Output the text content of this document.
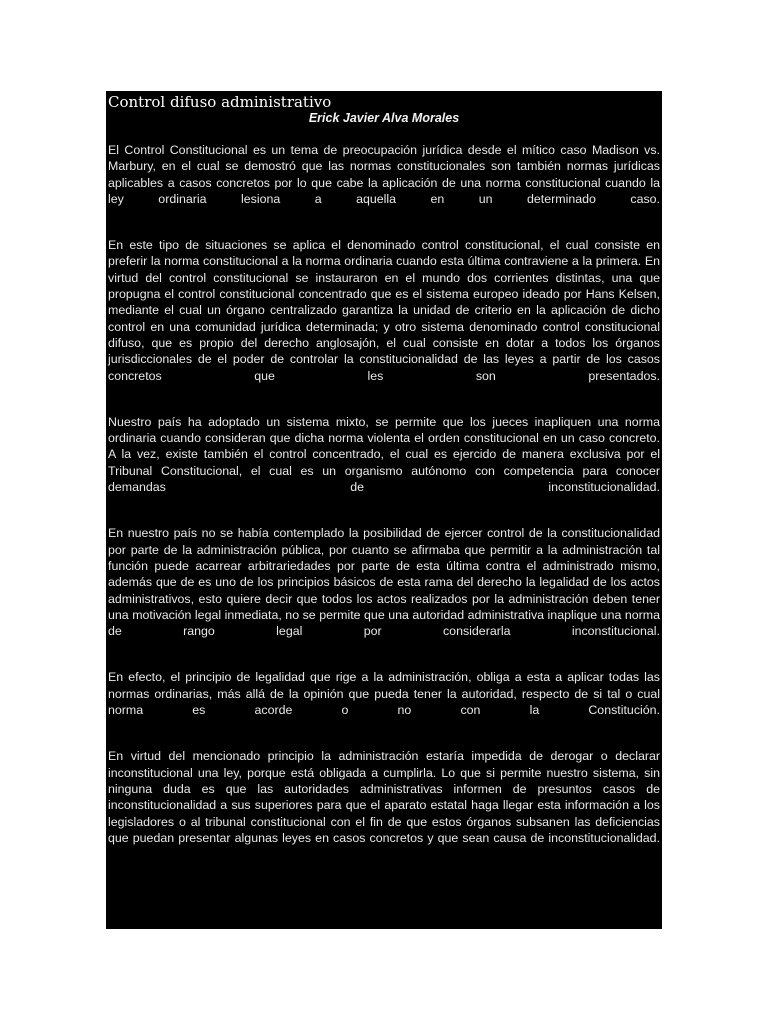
Control difuso administrativo
Erick Javier Alva Morales

El Control Constitucional es un tema de preocupación jurídica desde el mítico caso Madison vs. Marbury, en el cual se demostró que las normas constitucionales son también normas jurídicas aplicables a casos concretos por lo que cabe la aplicación de una norma constitucional cuando la ley ordinaria lesiona a aquella en un determinado caso.

En este tipo de situaciones se aplica el denominado control constitucional, el cual consiste en preferir la norma constitucional a la norma ordinaria cuando esta última contraviene a la primera. En virtud del control constitucional se instauraron en el mundo dos corrientes distintas, una que propugna el control constitucional concentrado que es el sistema europeo ideado por Hans Kelsen, mediante el cual un órgano centralizado garantiza la unidad de criterio en la aplicación de dicho control en una comunidad jurídica determinada; y otro sistema denominado control constitucional difuso, que es propio del derecho anglosajón, el cual consiste en dotar a todos los órganos jurisdiccionales de el poder de controlar la constitucionalidad de las leyes a partir de los casos concretos que les son presentados.

Nuestro país ha adoptado un sistema mixto, se permite que los jueces inapliquen una norma ordinaria cuando consideran que dicha norma violenta el orden constitucional en un caso concreto. A la vez, existe también el control concentrado, el cual es ejercido de manera exclusiva por el Tribunal Constitucional, el cual es un organismo autónomo con competencia para conocer demandas de inconstitucionalidad.

En nuestro país no se había contemplado la posibilidad de ejercer control de la constitucionalidad por parte de la administración pública, por cuanto se afirmaba que permitir a la administración tal función puede acarrear arbitrariedades por parte de esta última contra el administrado mismo, además que de es uno de los principios básicos de esta rama del derecho la legalidad de los actos administrativos, esto quiere decir que todos los actos realizados por la administración deben tener una motivación legal inmediata, no se permite que una autoridad administrativa inaplique una norma de rango legal por considerarla inconstitucional.

En efecto, el principio de legalidad que rige a la administración, obliga a esta a aplicar todas las normas ordinarias, más allá de la opinión que pueda tener la autoridad, respecto de si tal o cual norma es acorde o no con la Constitución.

En virtud del mencionado principio la administración estaría impedida de derogar o declarar inconstitucional una ley, porque está obligada a cumplirla. Lo que si permite nuestro sistema, sin ninguna duda es que las autoridades administrativas informen de presuntos casos de inconstitucionalidad a sus superiores para que el aparato estatal haga llegar esta información a los legisladores o al tribunal constitucional con el fin de que estos órganos subsanen las deficiencias que puedan presentar algunas leyes en casos concretos y que sean causa de inconstitucionalidad.
